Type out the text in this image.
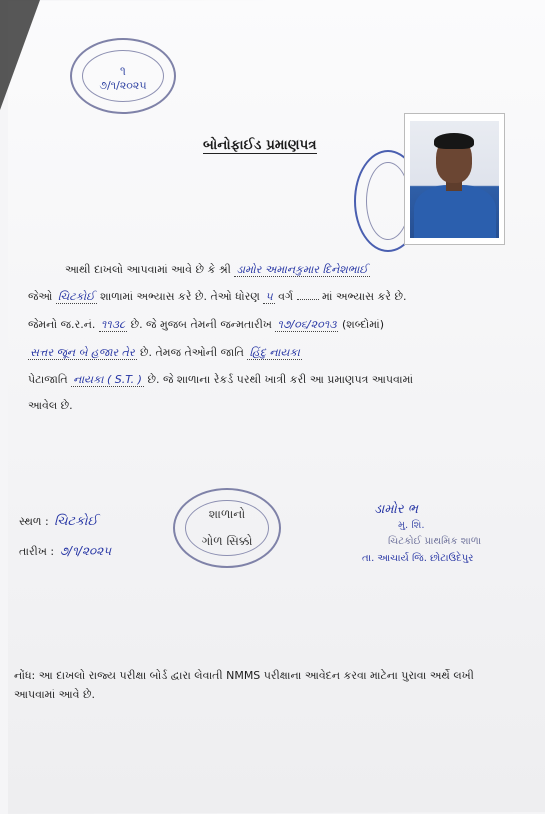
૧
૭/૧/૨૦૨૫
બોનોફાઈડ પ્રમાણપત્ર
આથી દાખલો આપવામાં આવે છે કે શ્રી ડામોર અમાનકુમાર દિનેશભાઈ
જેઓ ચિટકોઈ શાળામાં અભ્યાસ કરે છે. તેઓ ધોરણ ૫ વર્ગ	માં અભ્યાસ કરે છે.
જેમનો જ.ર.નં. ૧૧૩૮ છે. જે મુજબ તેમની જન્મતારીખ ૧૭/૦૬/૨૦૧૩ (શબ્દોમાં)
સત્તર જૂન બે હજાર તેર છે. તેમજ તેઓની જાતિ હિંદુ નાયકા
પેટાજાતિ નાયકા ( S.T. ) છે. જે શાળાના રેકર્ડ પરથી ખાત્રી કરી આ પ્રમાણપત્ર આપવામાં
આવેલ છે.
શાળાનો
ગોળ સિક્કો
સ્થળ : ચિટકોઈ
તારીખ : ૭/૧/૨૦૨૫
ડામોર ભ
મુ. શિ.
ચિટકોઈ પ્રાથમિક શાળા
તા. આચાર્ય જિ. છોટાઉદેપુર
નોંધ: આ દાખલો રાજ્ય પરીક્ષા બોર્ડ દ્વારા લેવાતી NMMS પરીક્ષાના આવેદન કરવા માટેના પુરાવા અર્થે લખી આપવામાં આવે છે.
